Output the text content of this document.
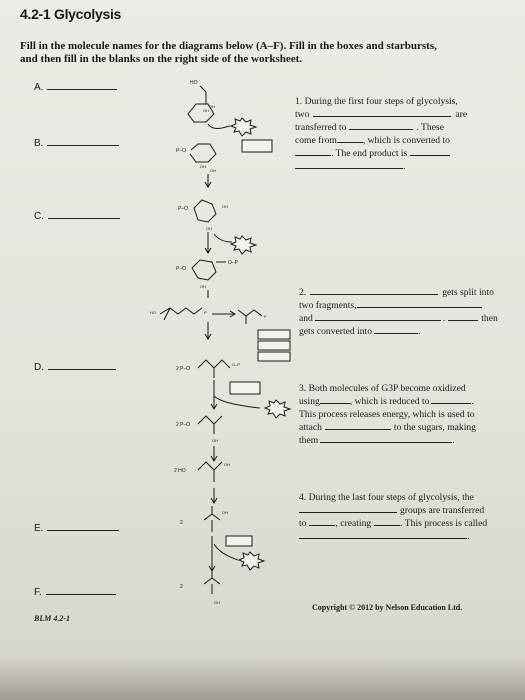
4.2-1 Glycolysis
Fill in the molecule names for the diagrams below (A–F). Fill in the boxes and starbursts,
and then fill in the blanks on the right side of the worksheet.
A.
B.
C.
D.
E.
F.
1. During the first four steps of glycolysis,
two	are
transferred to	. These
come from	, which is converted to
. The end product is
.
2.	gets split into
two fragments,
and	.	then
gets converted into	.
3. Both molecules of G3P become oxidized
using	, which is reduced to	.
This process releases energy, which is used to
attach	to the sugars, making
them	.
4. During the last four steps of glycolysis, the
groups are transferred
to	, creating	. This process is called
.
Copyright © 2012 by Nelson Education Ltd.
BLM 4.2-1
HO
OH
OH
P–O
OH
OH
P–O	OH
OH
P–O
O–P
OH
HO	P
P
2 P–O
O–P
2 P–O
OH
2 HO
OH
2
OH
2
OH
